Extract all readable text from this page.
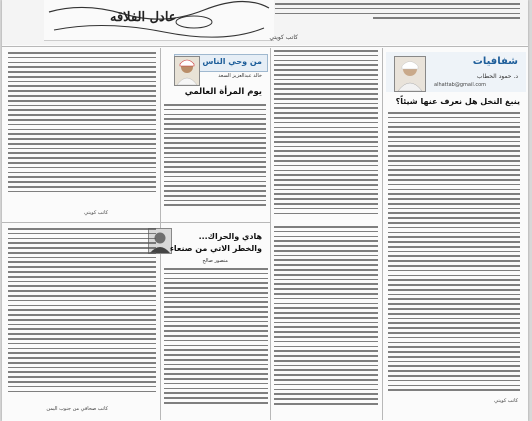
عادل الفلاقه
كاتب كويتي
شفافيات
د. حمود الحطاب
alhattab@gmail.com
ينبغ النخل هل نعرف عنها شيئاً؟
كاتب كويتي
من وحي الناس
خالد عبدالعزيز السعد
يوم المرأة العالمي
كاتب كويتي
هادي والحراك...
والخطر الاتي من صنعاء
منصور صالح
كاتب صحافي من جنوب اليمن
